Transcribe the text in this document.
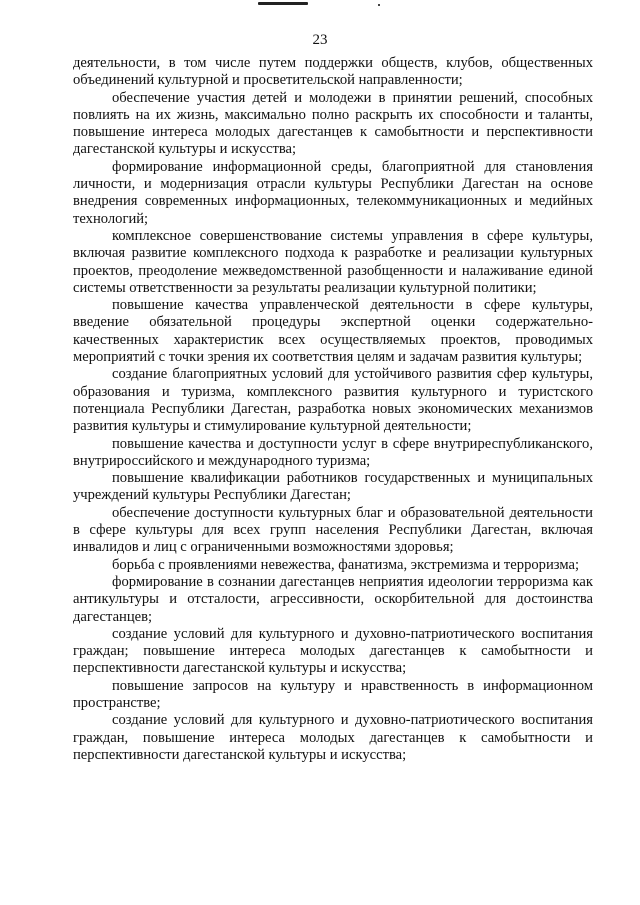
23

деятельности, в том числе путем поддержки обществ, клубов, общественных объединений культурной и просветительской направленности;

обеспечение участия детей и молодежи в принятии решений, способных повлиять на их жизнь, максимально полно раскрыть их способности и таланты, повышение интереса молодых дагестанцев к самобытности и перспективности дагестанской культуры и искусства;

формирование информационной среды, благоприятной для становления личности, и модернизация отрасли культуры Республики Дагестан на основе внедрения современных информационных, телекоммуникационных и медийных технологий;

комплексное совершенствование системы управления в сфере культуры, включая развитие комплексного подхода к разработке и реализации культурных проектов, преодоление межведомственной разобщенности и налаживание единой системы ответственности за результаты реализации культурной политики;

повышение качества управленческой деятельности в сфере культуры, введение обязательной процедуры экспертной оценки содержательно-качественных характеристик всех осуществляемых проектов, проводимых мероприятий с точки зрения их соответствия целям и задачам развития культуры;

создание благоприятных условий для устойчивого развития сфер культуры, образования и туризма, комплексного развития культурного и туристского потенциала Республики Дагестан, разработка новых экономических механизмов развития культуры и стимулирование культурной деятельности;

повышение качества и доступности услуг в сфере внутриреспубликанского, внутрироссийского и международного туризма;

повышение квалификации работников государственных и муниципальных учреждений культуры Республики Дагестан;

обеспечение доступности культурных благ и образовательной деятельности в сфере культуры для всех групп населения Республики Дагестан, включая инвалидов и лиц с ограниченными возможностями здоровья;

борьба с проявлениями невежества, фанатизма, экстремизма и терроризма;

формирование в сознании дагестанцев неприятия идеологии терроризма как антикультуры и отсталости, агрессивности, оскорбительной для достоинства дагестанцев;

создание условий для культурного и духовно-патриотического воспитания граждан; повышение интереса молодых дагестанцев к самобытности и перспективности дагестанской культуры и искусства;

повышение запросов на культуру и нравственность в информационном пространстве;

создание условий для культурного и духовно-патриотического воспитания граждан, повышение интереса молодых дагестанцев к самобытности и перспективности дагестанской культуры и искусства;
